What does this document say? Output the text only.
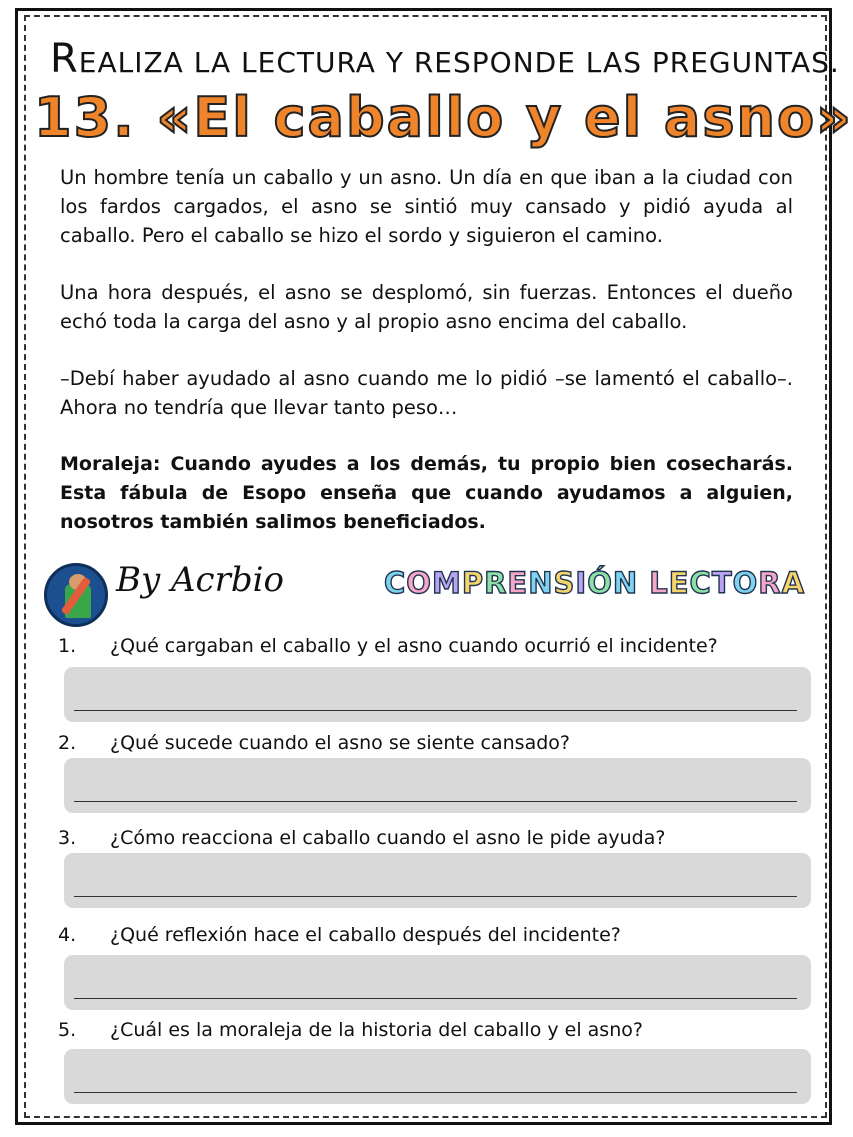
REALIZA LA LECTURA Y RESPONDE LAS PREGUNTAS.
13. «El caballo y el asno»

Un hombre tenía un caballo y un asno. Un día en que iban a la ciudad con los fardos cargados, el asno se sintió muy cansado y pidió ayuda al caballo. Pero el caballo se hizo el sordo y siguieron el camino.

Una hora después, el asno se desplomó, sin fuerzas. Entonces el dueño echó toda la carga del asno y al propio asno encima del caballo.

–Debí haber ayudado al asno cuando me lo pidió –se lamentó el caballo–. Ahora no tendría que llevar tanto peso…

Moraleja: Cuando ayudes a los demás, tu propio bien cosecharás. Esta fábula de Esopo enseña que cuando ayudamos a alguien, nosotros también salimos beneficiados.

By Acrbio	COMPRENSIÓN LECTORA
1. ¿Qué cargaban el caballo y el asno cuando ocurrió el incidente?
2. ¿Qué sucede cuando el asno se siente cansado?
3. ¿Cómo reacciona el caballo cuando el asno le pide ayuda?
4. ¿Qué reflexión hace el caballo después del incidente?
5. ¿Cuál es la moraleja de la historia del caballo y el asno?
